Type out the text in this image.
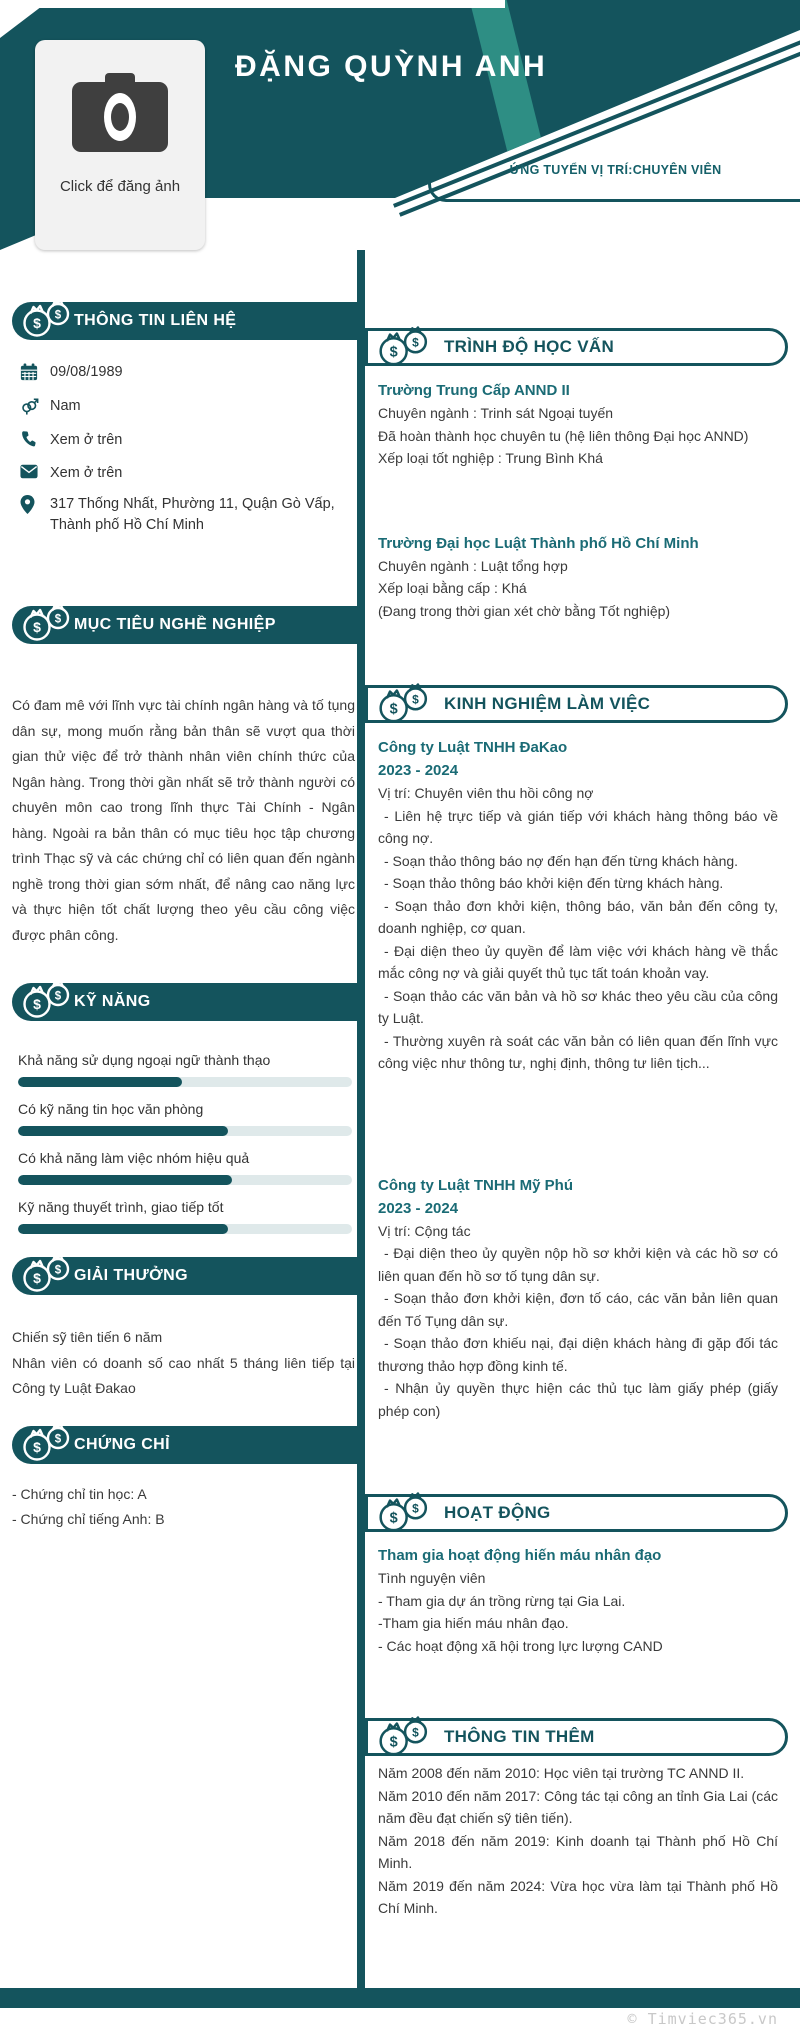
ĐẶNG QUỲNH ANH
Click để đăng ảnh
ỨNG TUYỂN VỊ TRÍ:CHUYÊN VIÊN
© Timviec365.vn
THÔNG TIN LIÊN HỆ
09/08/1989
Nam
Xem ở trên
Xem ở trên
317 Thống Nhất, Phường 11, Quận Gò Vấp, Thành phố Hồ Chí Minh
MỤC TIÊU NGHỀ NGHIỆP

Có đam mê với lĩnh vực tài chính ngân hàng và tố tụng dân sự, mong muốn rằng bản thân sẽ vượt qua thời gian thử việc để trở thành nhân viên chính thức của Ngân hàng. Trong thời gần nhất sẽ trở thành người có chuyên môn cao trong lĩnh thực Tài Chính - Ngân hàng. Ngoài ra bản thân có mục tiêu học tập chương trình Thạc sỹ và các chứng chỉ có liên quan đến ngành nghề trong thời gian sớm nhất, để nâng cao năng lực và thực hiện tốt chất lượng theo yêu cầu công việc được phân công.

KỸ NĂNG
Khả năng sử dụng ngoại ngữ thành thạo
Có kỹ năng tin học văn phòng
Có khả năng làm việc nhóm hiệu quả
Kỹ năng thuyết trình, giao tiếp tốt
GIẢI THƯỞNG
Chiến sỹ tiên tiến 6 năm
Nhân viên có doanh số cao nhất 5 tháng liên tiếp tại Công ty Luật Đakao
CHỨNG CHỈ
- Chứng chỉ tin học: A
- Chứng chỉ tiếng Anh: B
TRÌNH ĐỘ HỌC VẤN
Trường Trung Cấp ANND II
Chuyên ngành : Trinh sát Ngoại tuyến
Đã hoàn thành học chuyên tu (hệ liên thông Đại học ANND)
Xếp loại tốt nghiệp : Trung Bình Khá
Trường Đại học Luật Thành phố Hồ Chí Minh
Chuyên ngành : Luật tổng hợp
Xếp loại bằng cấp : Khá
(Đang trong thời gian xét chờ bằng Tốt nghiệp)
KINH NGHIỆM LÀM VIỆC
Công ty Luật TNHH ĐaKao
2023 - 2024
Vị trí: Chuyên viên thu hồi công nợ
- Liên hệ trực tiếp và gián tiếp với khách hàng thông báo về công nợ.
- Soạn thảo thông báo nợ đến hạn đến từng khách hàng.
- Soạn thảo thông báo khởi kiện đến từng khách hàng.
- Soạn thảo đơn khởi kiện, thông báo, văn bản đến công ty, doanh nghiệp, cơ quan.
- Đại diện theo ủy quyền để làm việc với khách hàng về thắc mắc công nợ và giải quyết thủ tục tất toán khoản vay.
- Soạn thảo các văn bản và hồ sơ khác theo yêu cầu của công ty Luật.
- Thường xuyên rà soát các văn bản có liên quan đến lĩnh vực công việc như thông tư, nghị định, thông tư liên tịch...
Công ty Luật TNHH Mỹ Phú
2023 - 2024
Vị trí: Cộng tác
- Đại diện theo ủy quyền nộp hồ sơ khởi kiện và các hồ sơ có liên quan đến hồ sơ tố tụng dân sự.
- Soạn thảo đơn khởi kiện, đơn tố cáo, các văn bản liên quan đến Tố Tụng dân sự.
- Soạn thảo đơn khiếu nại, đại diện khách hàng đi gặp đối tác thương thảo hợp đồng kinh tế.
- Nhận ủy quyền thực hiện các thủ tục làm giấy phép (giấy phép con)
HOẠT ĐỘNG
Tham gia hoạt động hiến máu nhân đạo
Tình nguyện viên
- Tham gia dự án trồng rừng tại Gia Lai.
-Tham gia hiến máu nhân đạo.
- Các hoạt động xã hội trong lực lượng CAND
THÔNG TIN THÊM
Năm 2008 đến năm 2010: Học viên tại trường TC ANND II.
Năm 2010 đến năm 2017: Công tác tại công an tỉnh Gia Lai (các năm đều đạt chiến sỹ tiên tiến).
Năm 2018 đến năm 2019: Kinh doanh tại Thành phố Hồ Chí Minh.
Năm 2019 đến năm 2024: Vừa học vừa làm tại Thành phố Hồ Chí Minh.
